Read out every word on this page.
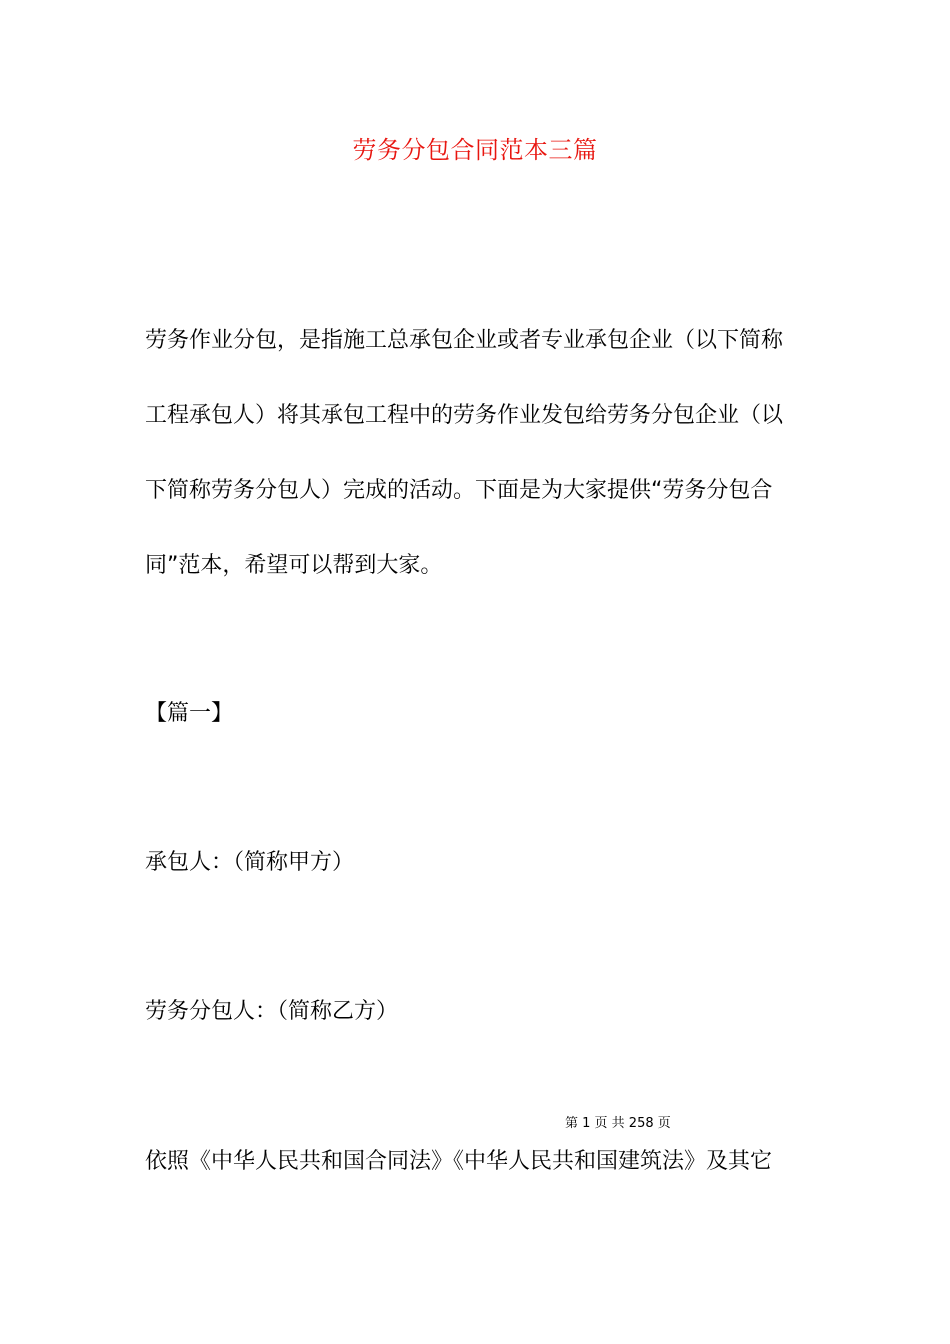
劳务分包合同范本三篇
劳务作业分包，是指施工总承包企业或者专业承包企业（以下简称
工程承包人）将其承包工程中的劳务作业发包给劳务分包企业（以
下简称劳务分包人）完成的活动。下面是为大家提供“劳务分包合
同”范本，希望可以帮到大家。
【篇一】
承包人：（简称甲方）
劳务分包人：（简称乙方）
第 1 页 共 258 页
依照《中华人民共和国合同法》《中华人民共和国建筑法》及其它
